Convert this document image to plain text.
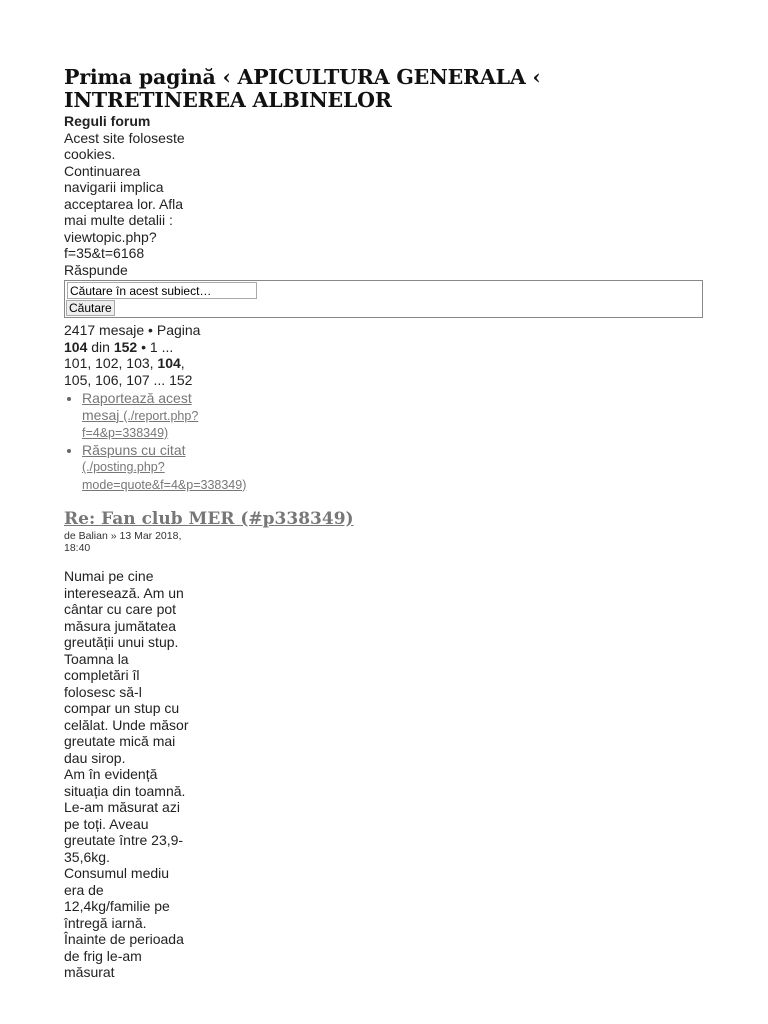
Prima pagină ‹ APICULTURA GENERALA ‹ INTRETINEREA ALBINELOR
Reguli forum
Acest site foloseste cookies. Continuarea navigarii implica acceptarea lor. Afla mai multe detalii : viewtopic.php?f=35&t=6168
Răspunde
Căutare în acest subiect…
Căutare
2417 mesaje • Pagina 104 din 152 • 1 ... 101, 102, 103, 104, 105, 106, 107 ... 152
• Raportează acest mesaj (./report.php?f=4&p=338349)
• Răspuns cu citat (./posting.php?mode=quote&f=4&p=338349)
Re: Fan club MER (#p338349)
de Balian » 13 Mar 2018, 18:40
Numai pe cine interesează. Am un cântar cu care pot măsura jumătatea greutății unui stup. Toamna la completări îl folosesc să-l compar un stup cu celălat. Unde măsor greutate mică mai dau sirop.
Am în evidență situația din toamnă. Le-am măsurat azi pe toți. Aveau greutate între 23,9-35,6kg.
Consumul mediu era de 12,4kg/familie pe întregă iarnă.
Înainte de perioada de frig le-am măsurat
